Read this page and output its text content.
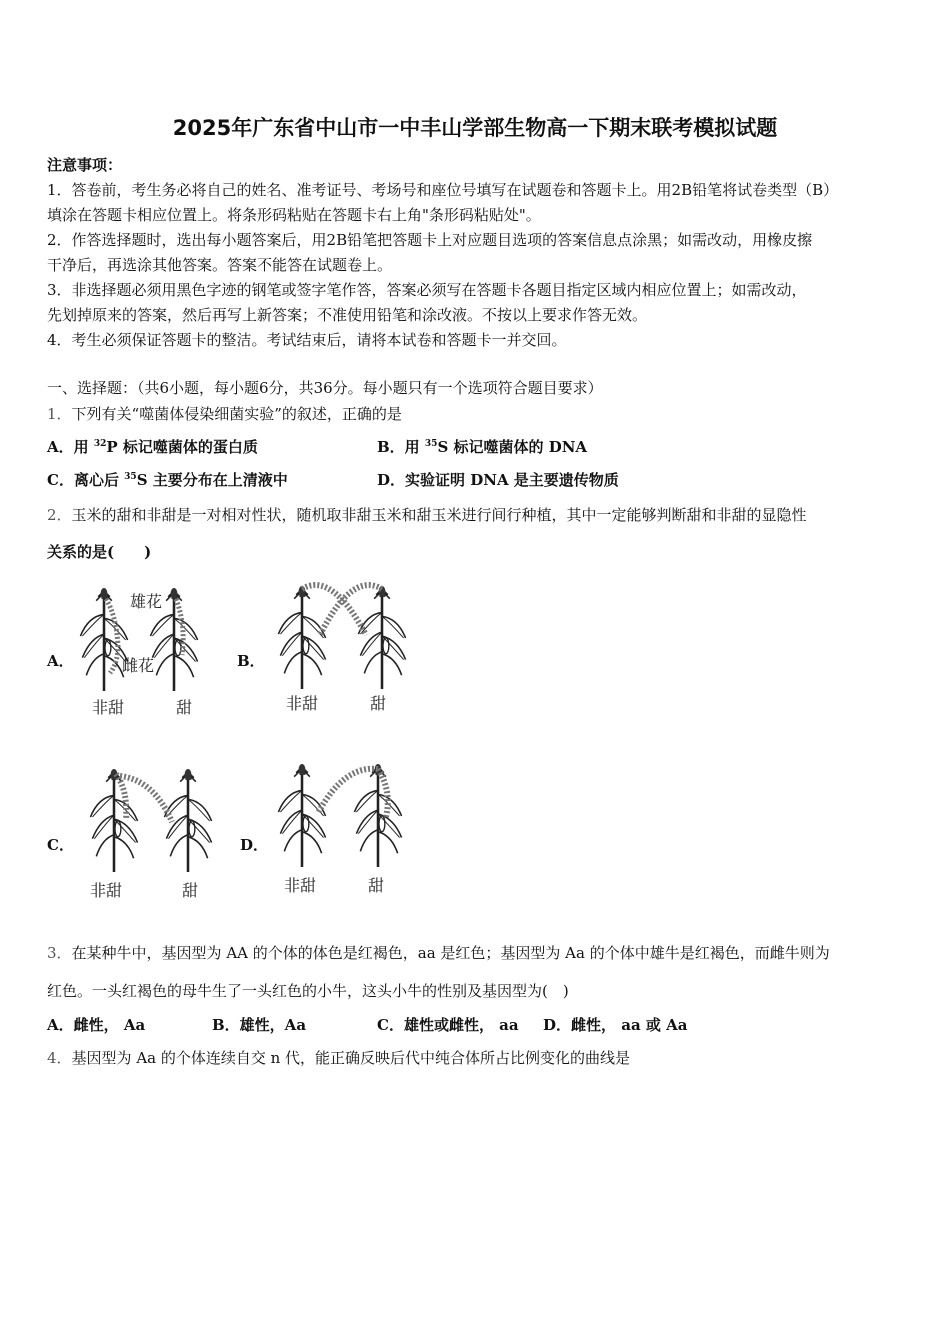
2025年广东省中山市一中丰山学部生物高一下期末联考模拟试题
注意事项：
1．答卷前，考生务必将自己的姓名、准考证号、考场号和座位号填写在试题卷和答题卡上。用2B铅笔将试卷类型（B）
填涂在答题卡相应位置上。将条形码粘贴在答题卡右上角"条形码粘贴处"。
2．作答选择题时，选出每小题答案后，用2B铅笔把答题卡上对应题目选项的答案信息点涂黑；如需改动，用橡皮擦
干净后，再选涂其他答案。答案不能答在试题卷上。
3．非选择题必须用黑色字迹的钢笔或签字笔作答，答案必须写在答题卡各题目指定区域内相应位置上；如需改动，
先划掉原来的答案，然后再写上新答案；不准使用铅笔和涂改液。不按以上要求作答无效。
4．考生必须保证答题卡的整洁。考试结束后，请将本试卷和答题卡一并交回。
一、选择题：（共6小题，每小题6分，共36分。每小题只有一个选项符合题目要求）
1．下列有关“噬菌体侵染细菌实验”的叙述，正确的是
A．用 $^{32}$P 标记噬菌体的蛋白质	B．用 $^{35}$S 标记噬菌体的 DNA
C．离心后 $^{35}$S 主要分布在上清液中	D．实验证明 DNA 是主要遗传物质
2．玉米的甜和非甜是一对相对性状，随机取非甜玉米和甜玉米进行间行种植，其中一定能够判断甜和非甜的显隐性
关系的是(　　)
A．
雄花
雌花
非甜	甜
B．
非甜	甜
C．
非甜	甜
D．
非甜	甜
3．在某种牛中，基因型为 AA 的个体的体色是红褐色，aa 是红色；基因型为 Aa 的个体中雄牛是红褐色，而雌牛则为
红色。一头红褐色的母牛生了一头红色的小牛，这头小牛的性别及基因型为(　)
A．雌性， Aa	B．雄性，Aa	C．雄性或雌性， aa D．雌性， aa 或 Aa
4．基因型为 Aa 的个体连续自交 n 代，能正确反映后代中纯合体所占比例变化的曲线是
